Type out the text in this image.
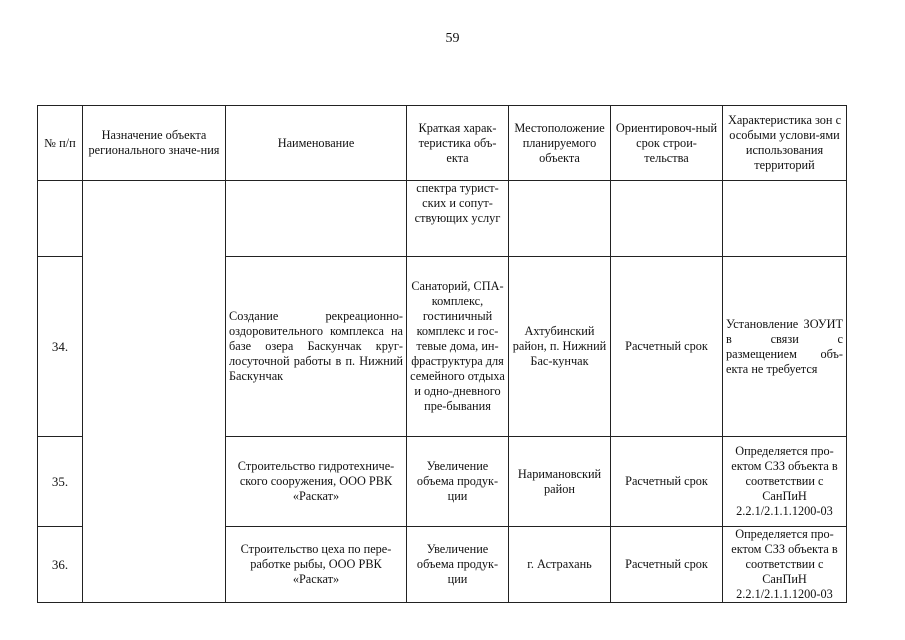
59
№ п/п	Назначение объекта регионального значе-ния	Наименование	Краткая харак-теристика объ-екта	Местоположение планируемого объекта	Ориентировоч-ный срок строи-тельства	Характеристика зон с особыми услови-ями использования территорий
			спектра турист-ских и сопут-ствующих услуг			
34.		Создание рекреационно-оздоровительного комплекса на базе озера Баскунчак круг-лосуточной работы в п. Нижний Баскунчак	Санаторий, СПА-комплекс, гостиничный комплекс и гос-тевые дома, ин-фраструктура для семейного отдыха и одно-дневного пре-бывания	Ахтубинский район, п. Нижний Бас-кунчак	Расчетный срок	Установление ЗОУИТ в связи с размещением объ-екта не требуется
35.		Строительство гидротехниче-ского сооружения, ООО РВК «Раскат»	Увеличение объема продук-ции	Наримановский район	Расчетный срок	Определяется про-ектом СЗЗ объекта в соответствии с СанПиН 2.2.1/2.1.1.1200-03
36.		Строительство цеха по пере-работке рыбы, ООО РВК «Раскат»	Увеличение объема продук-ции	г. Астрахань	Расчетный срок	Определяется про-ектом СЗЗ объекта в соответствии с СанПиН 2.2.1/2.1.1.1200-03
